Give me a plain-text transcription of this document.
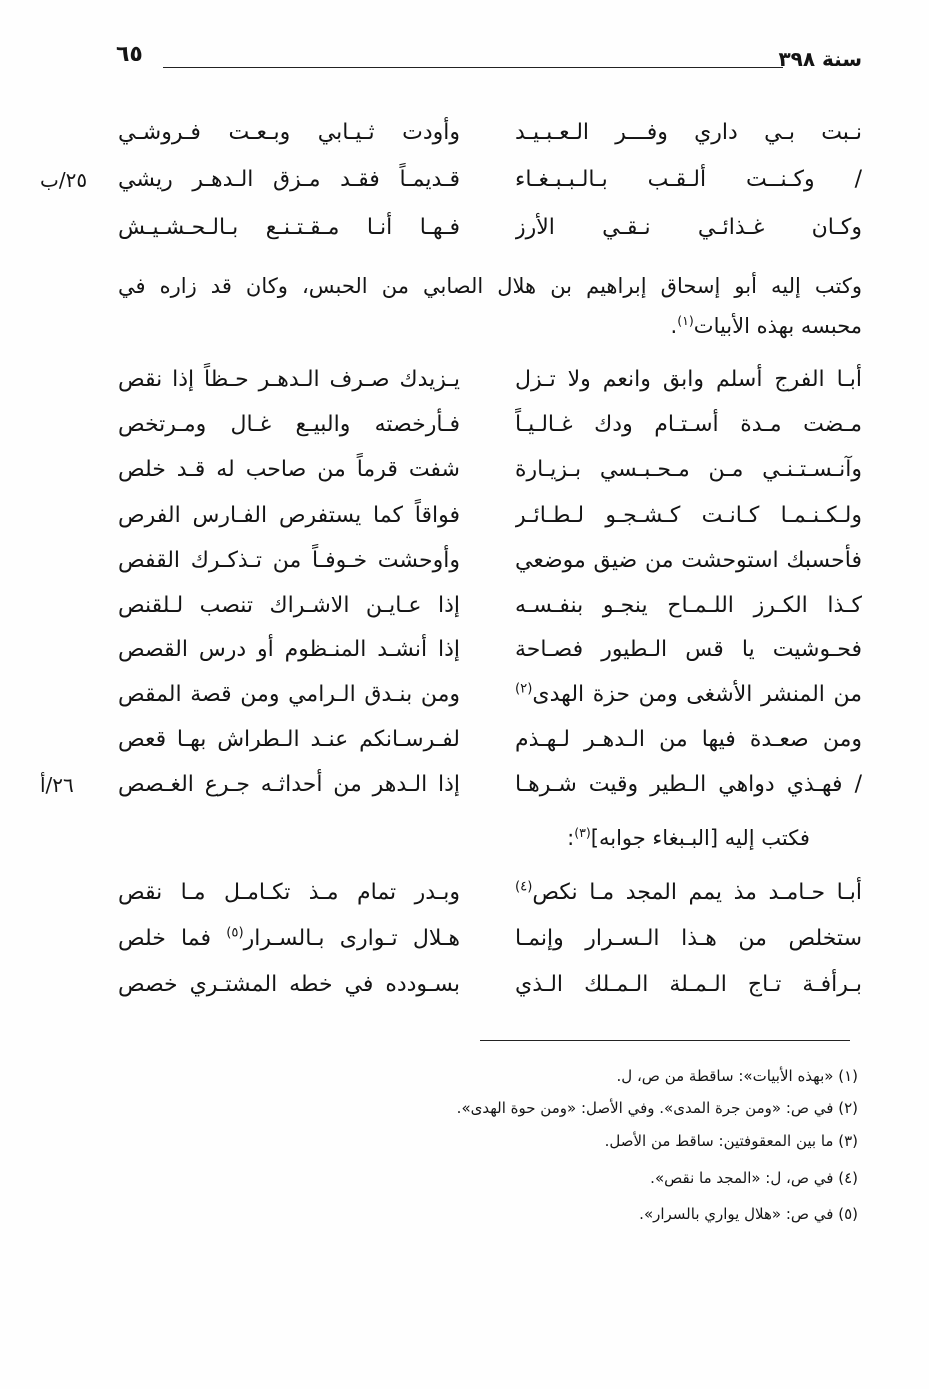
سنة ٣٩٨
٦٥
نـبت بـي داري وفـــر الـعـبـيـد
وأودت ثـيـابي وبـعـت فـروشـي
/ وكـنــت ألـقـب بـالـبـبـغـاء
قـديمـاً فقـد مـزق الـدهـر ريشي
٢٥/ب
وكـان غـذائـي نـقـي الأرز
فـهـا أنـا مـقـتـنـع بـالـحـشـيـش
وكتب إليه أبو إسحاق إبراهيم بن هلال الصابي من الحبس، وكان قد زاره في
محبسه بهذه الأبيات$^{(١)}$.
أبـا الفرج أسلم وابق وانعم ولا تـزل
يـزيدك صـرف الـدهـر حـظاً إذا نقص
مـضت مـدة أسـتـام ودك غـالـيـاً
فـأرخصته والبيـع غـال ومـرتخص
وآنـسـتـنـي مـن مـحـبـسي بـزيـارة
شفت قرماً من صاحب له قـد خلص
ولـكـنـمـا كـانـت كـشـجـو لـطـائـر
فواقاً كما يستفرص الفـارس الفرص
فأحسبك استوحشت من ضيق موضعي
وأوحشت خـوفـاً من تـذكـرك القفص
كـذا الكـرز اللـمـاح ينجـو بنفـسـه
إذا عـايـن الاشـراك تنصب لـلقنص
فحـوشيت يا قس الـطيور فصـاحة
إذا أنشـد المنـظوم أو درس القصص
من المنشر الأشغى ومن حزة الهدى$^{(٢)}$
ومن بنـدق الـرامي ومن قصة المقص
ومن صعـدة فيها من الـدهـر لـهـذم
لفـرسـانكم عنـد الـطراش بهـا قعص
/ فهـذي دواهي الـطير وقيت شـرهـا
إذا الـدهر من أحداثـه جـرع الغـصص
٢٦/أ
فكتب إليه [البـبغاء جوابه]$^{(٣)}$:
أبـا حـامـد مذ يمم المجد مـا نكص$^{(٤)}$
وبـدر تمام مـذ تكـامـل مـا نقص
ستخلص من هـذا الـسـرار وإنمـا
هـلال تـوارى بـالسـرار$^{(٥)}$ فما خلص
بـرأفـة تـاج الـمـلة الـمـلك الـذي
بسـودده في خطه المشتـري خصص
(١) «بهذه الأبيات»: ساقطة من ص، ل.
(٢) في ص: «ومن جرة المدى». وفي الأصل: «ومن حوة الهدى».
(٣) ما بين المعقوفتين: ساقط من الأصل.
(٤) في ص، ل: «المجد ما نقص».
(٥) في ص: «هلال يواري بالسرار».
